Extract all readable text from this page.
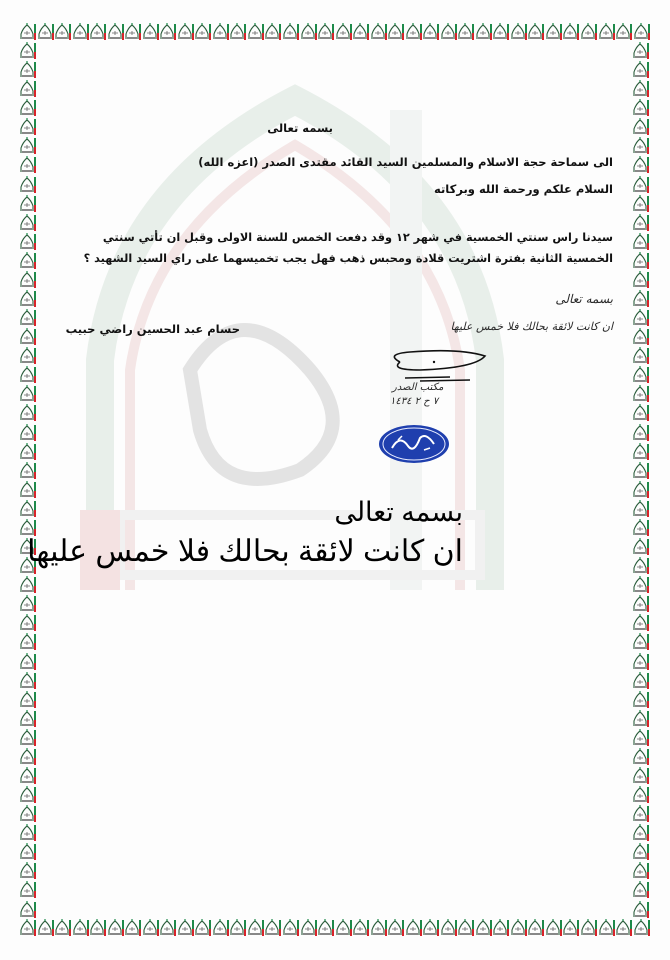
بسمه تعالى
الى سماحة حجة الاسلام والمسلمين السيد القائد مقتدى الصدر (اعزه الله)
السلام علكم ورحمة الله وبركاته
سيدنا راس سنتي الخمسية في شهر ١٢ وقد دفعت الخمس للسنة الاولى وقبل ان تأتي سنتي
الخمسية الثانية بفترة اشتريت قلادة ومحبس ذهب فهل يجب تخميسهما على راي السيد الشهيد ؟
حسام عبد الحسين راضي حبيب
بسمه تعالى
ان كانت لائقة بحالك فلا خمس عليها
مكتب الصدر
٧ ح ٢ ١٤٣٤
بسمه تعالى
ان كانت لائقة بحالك فلا خمس عليها
